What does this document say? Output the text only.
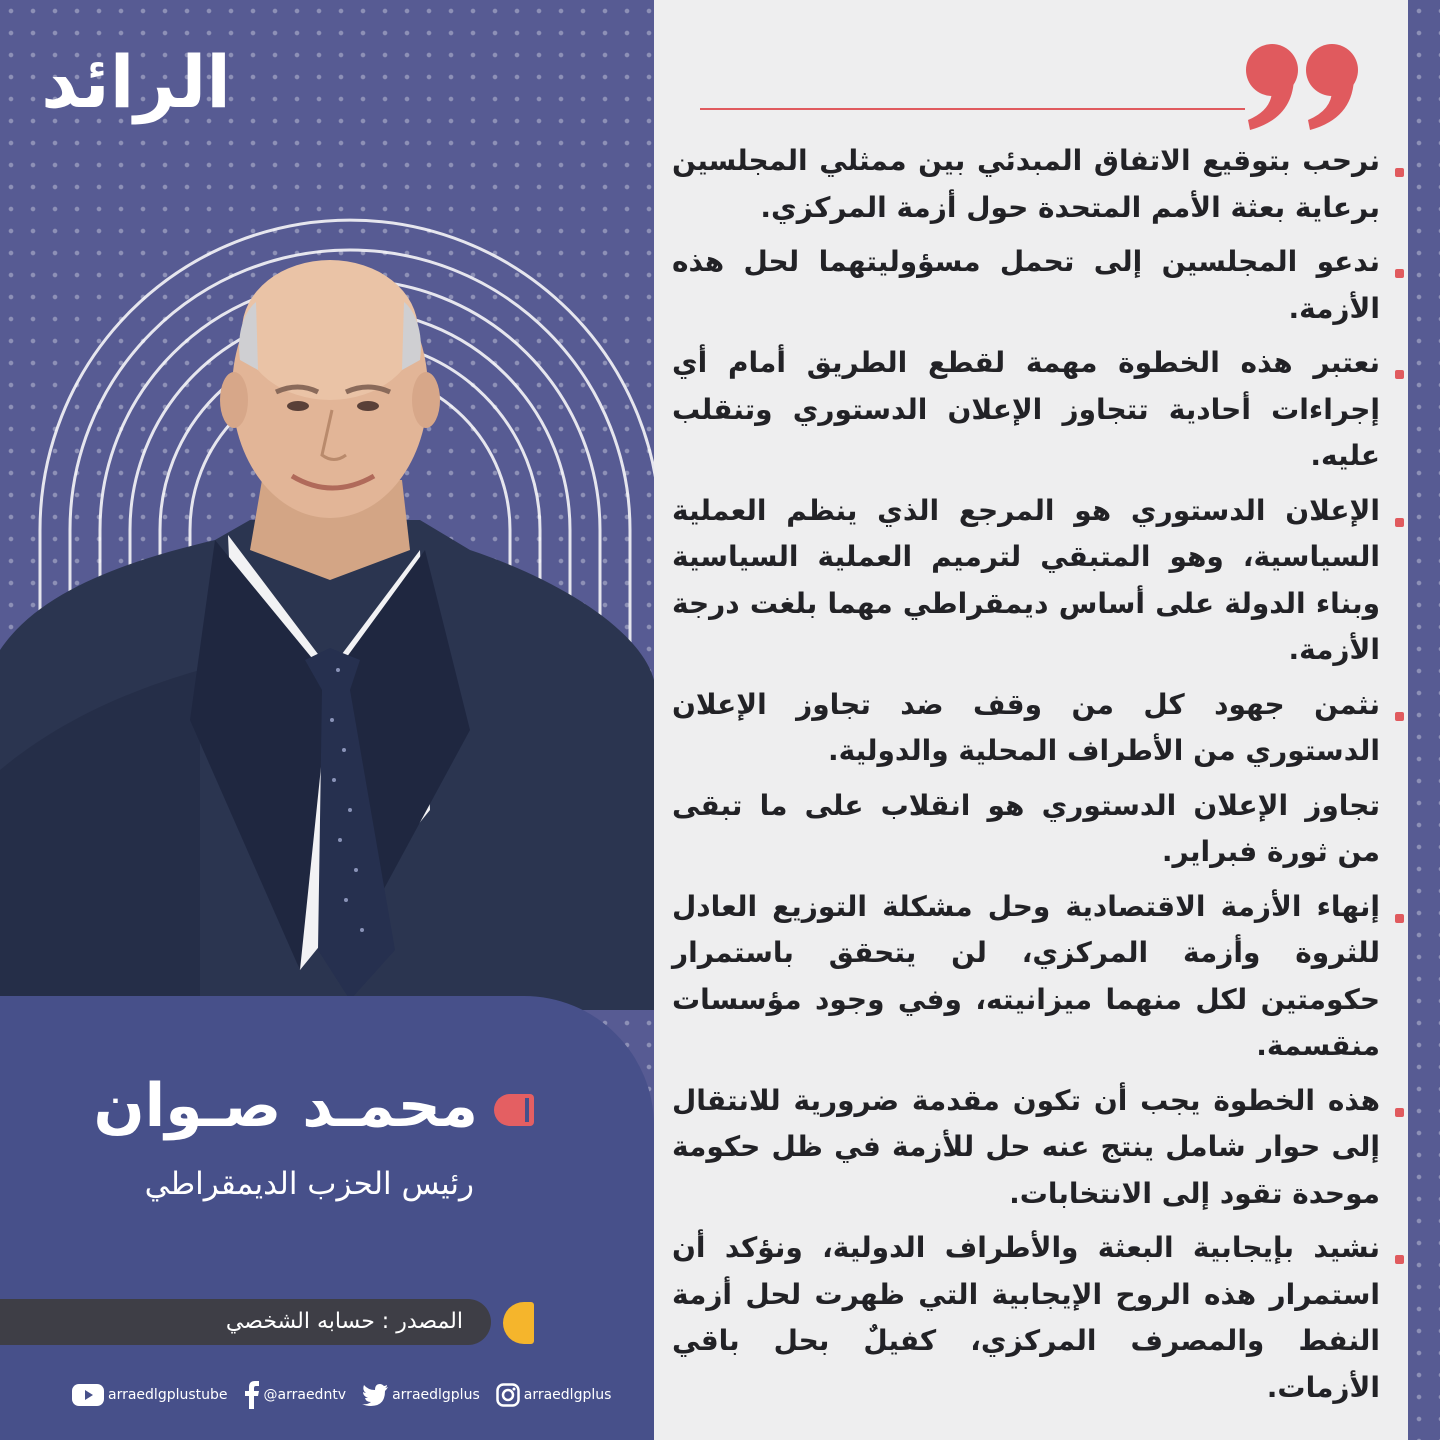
الرائد
محمـد صـوان
رئيس الحزب الديمقراطي
المصدر : حسابه الشخصي
arraedlgplustube	@arraedntv	arraedlgplus	arraedlgplus

نرحب بتوقيع الاتفاق المبدئي بين ممثلي المجلسين برعاية بعثة الأمم المتحدة حول أزمة المركزي.

ندعو المجلسين إلى تحمل مسؤوليتهما لحل هذه الأزمة.

نعتبر هذه الخطوة مهمة لقطع الطريق أمام أي إجراءات أحادية تتجاوز الإعلان الدستوري وتنقلب عليه.

الإعلان الدستوري هو المرجع الذي ينظم العملية السياسية، وهو المتبقي لترميم العملية السياسية وبناء الدولة على أساس ديمقراطي مهما بلغت درجة الأزمة.

نثمن جهود كل من وقف ضد تجاوز الإعلان الدستوري من الأطراف المحلية والدولية.

تجاوز الإعلان الدستوري هو انقلاب على ما تبقى من ثورة فبراير.

إنهاء الأزمة الاقتصادية وحل مشكلة التوزيع العادل للثروة وأزمة المركزي، لن يتحقق باستمرار حكومتين لكل منهما ميزانيته، وفي وجود مؤسسات منقسمة.

هذه الخطوة يجب أن تكون مقدمة ضرورية للانتقال إلى حوار شامل ينتج عنه حل للأزمة في ظل حكومة موحدة تقود إلى الانتخابات.

نشيد بإيجابية البعثة والأطراف الدولية، ونؤكد أن استمرار هذه الروح الإيجابية التي ظهرت لحل أزمة النفط والمصرف المركزي، كفيلٌ بحل باقي الأزمات.
